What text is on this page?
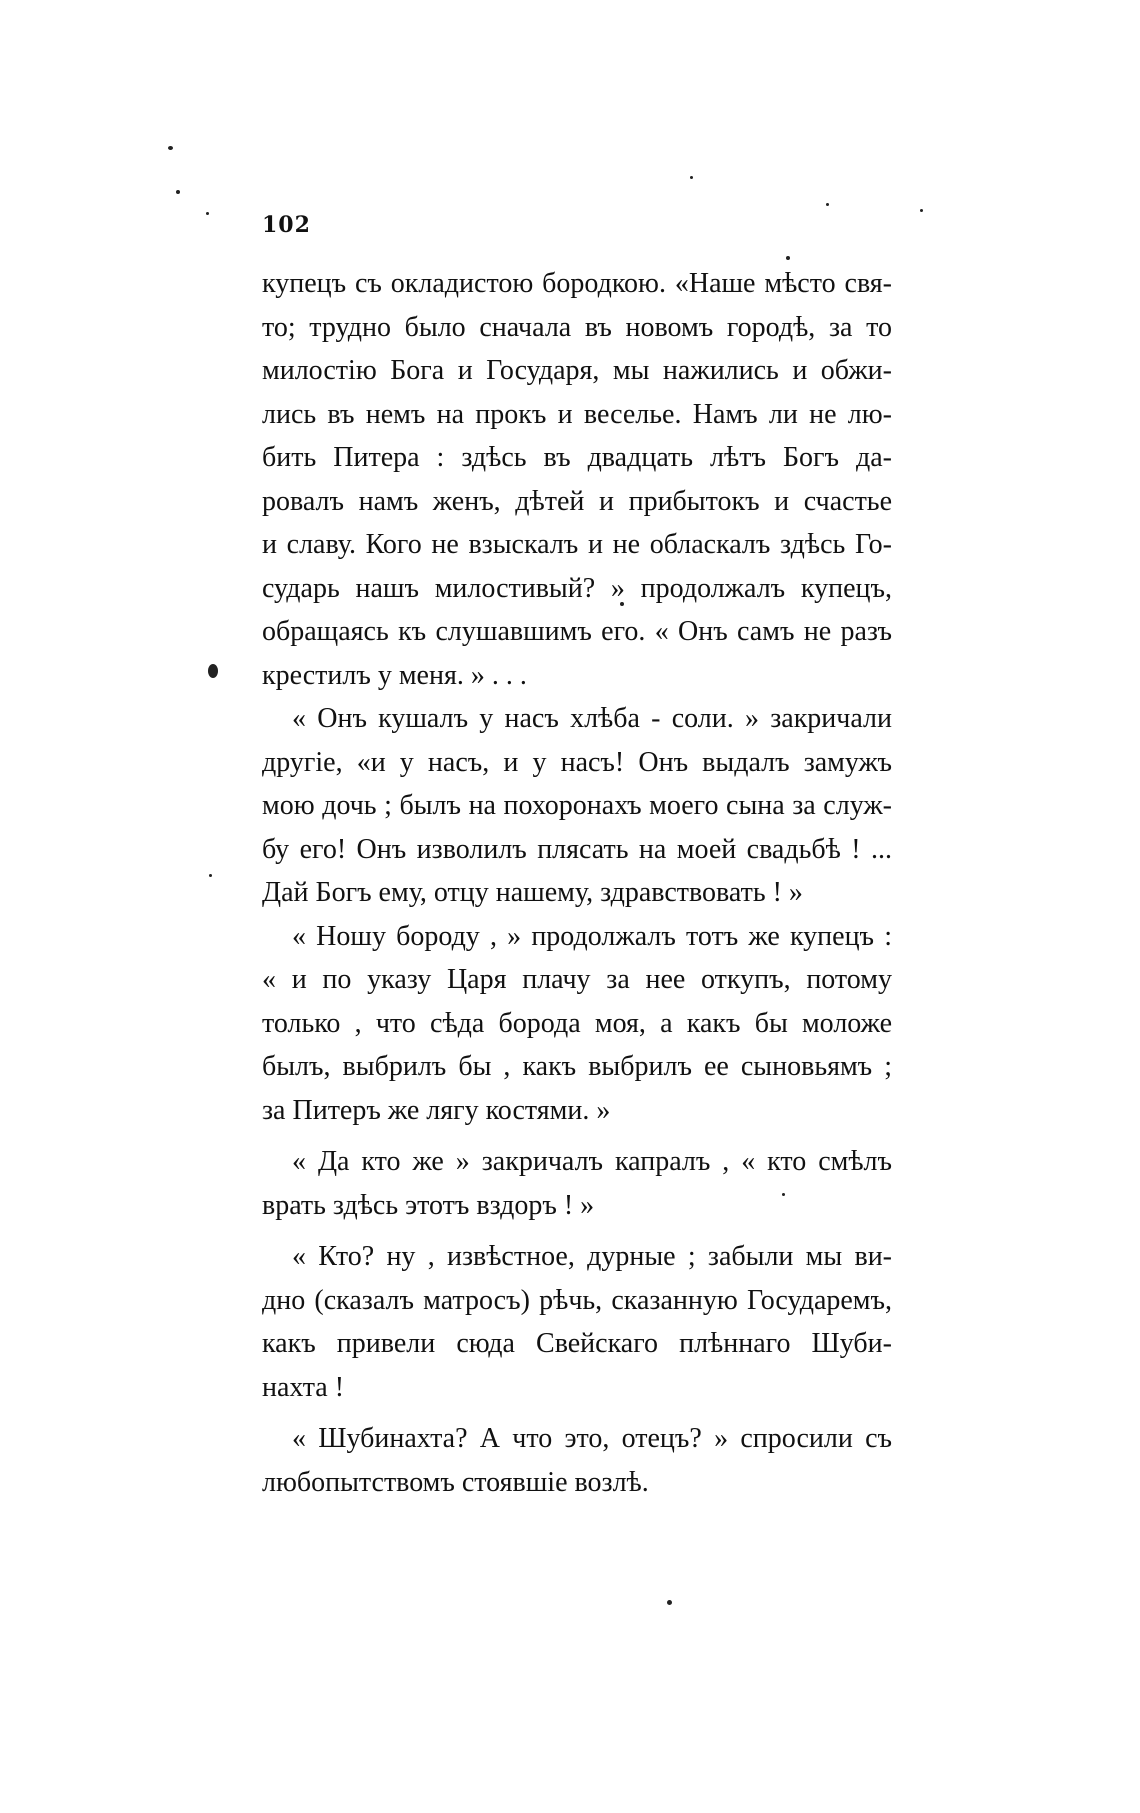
102
купецъ съ окладистою бородкою. «Наше мѣсто свя-
то; трудно было сначала въ новомъ городѣ, за то
милостію Бога и Государя, мы нажились и обжи-
лись въ немъ на прокъ и веселье. Намъ ли не лю-
бить Питера : здѣсь въ двадцать лѣтъ Богъ да-
ровалъ намъ женъ, дѣтей и прибытокъ и счастье
и славу. Кого не взыскалъ и не обласкалъ здѣсь Го-
сударь нашъ милостивый? » продолжалъ купецъ,
обращаясь къ слушавшимъ его. « Онъ самъ не разъ
крестилъ у меня. » . . .
« Онъ кушалъ у насъ хлѣба - соли. » закричали
другіе, «и у насъ, и у насъ! Онъ выдалъ замужъ
мою дочь ; былъ на похоронахъ моего сына за служ-
бу его! Онъ изволилъ плясать на моей свадьбѣ ! ...
Дай Богъ ему, отцу нашему, здравствовать ! »
« Ношу бороду , » продолжалъ тотъ же купецъ :
« и по указу Царя плачу за нее откупъ, потому
только , что сѣда борода моя, а какъ бы моложе
былъ, выбрилъ бы , какъ выбрилъ ее сыновьямъ ;
за Питеръ же лягу костями. »
« Да кто же » закричалъ капралъ , « кто смѣлъ
врать здѣсь этотъ вздоръ ! »
« Кто? ну , извѣстное, дурные ; забыли мы ви-
дно (сказалъ матросъ) рѣчь, сказанную Государемъ,
какъ привели сюда Свейскаго плѣннаго Шуби-
нахта !
« Шубинахта? А что это, отецъ? » спросили съ
любопытствомъ стоявшіе возлѣ.
